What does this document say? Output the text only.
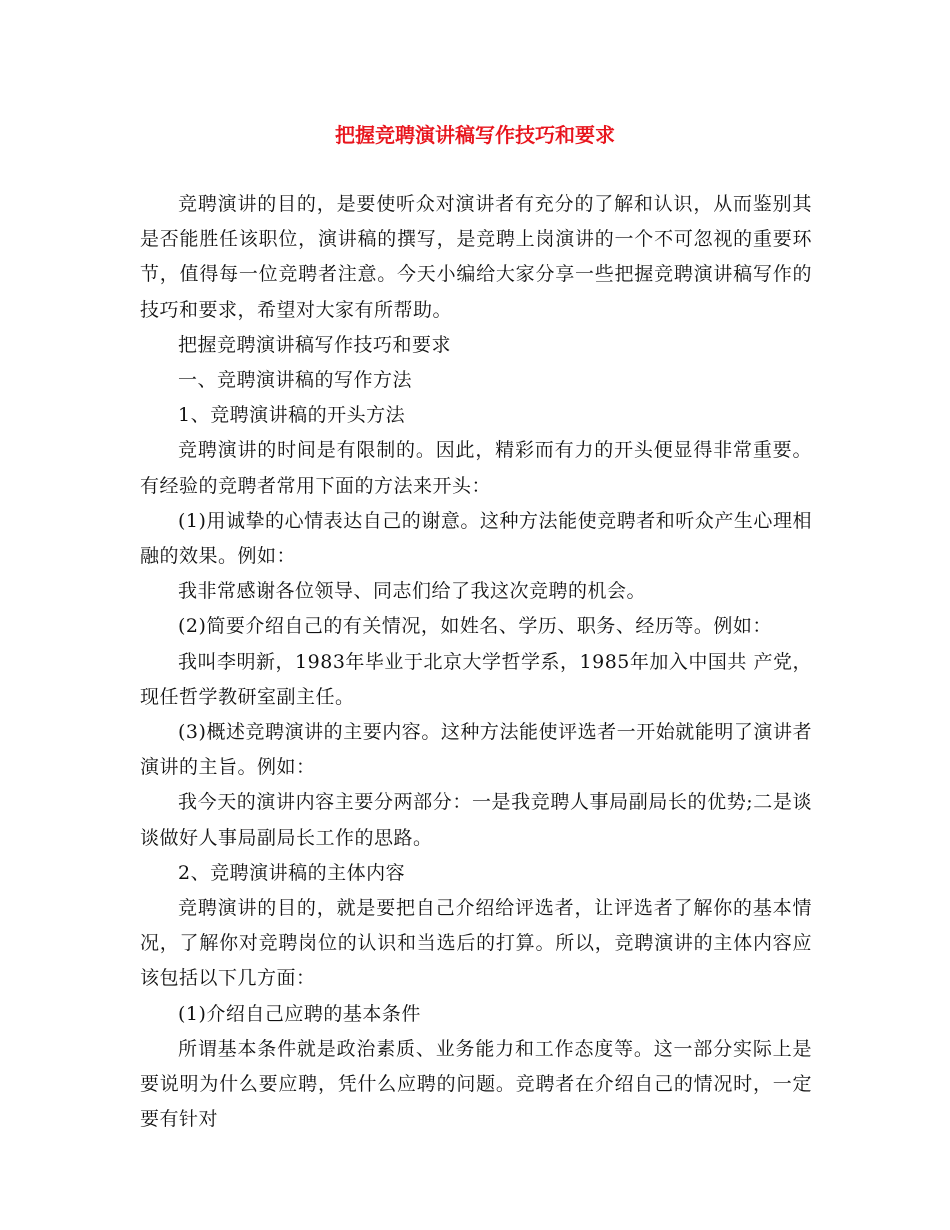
把握竞聘演讲稿写作技巧和要求

竞聘演讲的目的，是要使听众对演讲者有充分的了解和认识，从而鉴别其是否能胜任该职位，演讲稿的撰写，是竞聘上岗演讲的一个不可忽视的重要环节，值得每一位竞聘者注意。今天小编给大家分享一些把握竞聘演讲稿写作的技巧和要求，希望对大家有所帮助。

把握竞聘演讲稿写作技巧和要求

一、竞聘演讲稿的写作方法

1、竞聘演讲稿的开头方法

竞聘演讲的时间是有限制的。因此，精彩而有力的开头便显得非常重要。有经验的竞聘者常用下面的方法来开头：

(1)用诚挚的心情表达自己的谢意。这种方法能使竞聘者和听众产生心理相融的效果。例如：

我非常感谢各位领导、同志们给了我这次竞聘的机会。

(2)简要介绍自己的有关情况，如姓名、学历、职务、经历等。例如：

我叫李明新，1983年毕业于北京大学哲学系，1985年加入中国共 产党，现任哲学教研室副主任。

(3)概述竞聘演讲的主要内容。这种方法能使评选者一开始就能明了演讲者演讲的主旨。例如：

我今天的演讲内容主要分两部分：一是我竞聘人事局副局长的优势;二是谈谈做好人事局副局长工作的思路。

2、竞聘演讲稿的主体内容

竞聘演讲的目的，就是要把自己介绍给评选者，让评选者了解你的基本情况，了解你对竞聘岗位的认识和当选后的打算。所以，竞聘演讲的主体内容应该包括以下几方面：

(1)介绍自己应聘的基本条件

所谓基本条件就是政治素质、业务能力和工作态度等。这一部分实际上是要说明为什么要应聘，凭什么应聘的问题。竞聘者在介绍自己的情况时，一定要有针对
